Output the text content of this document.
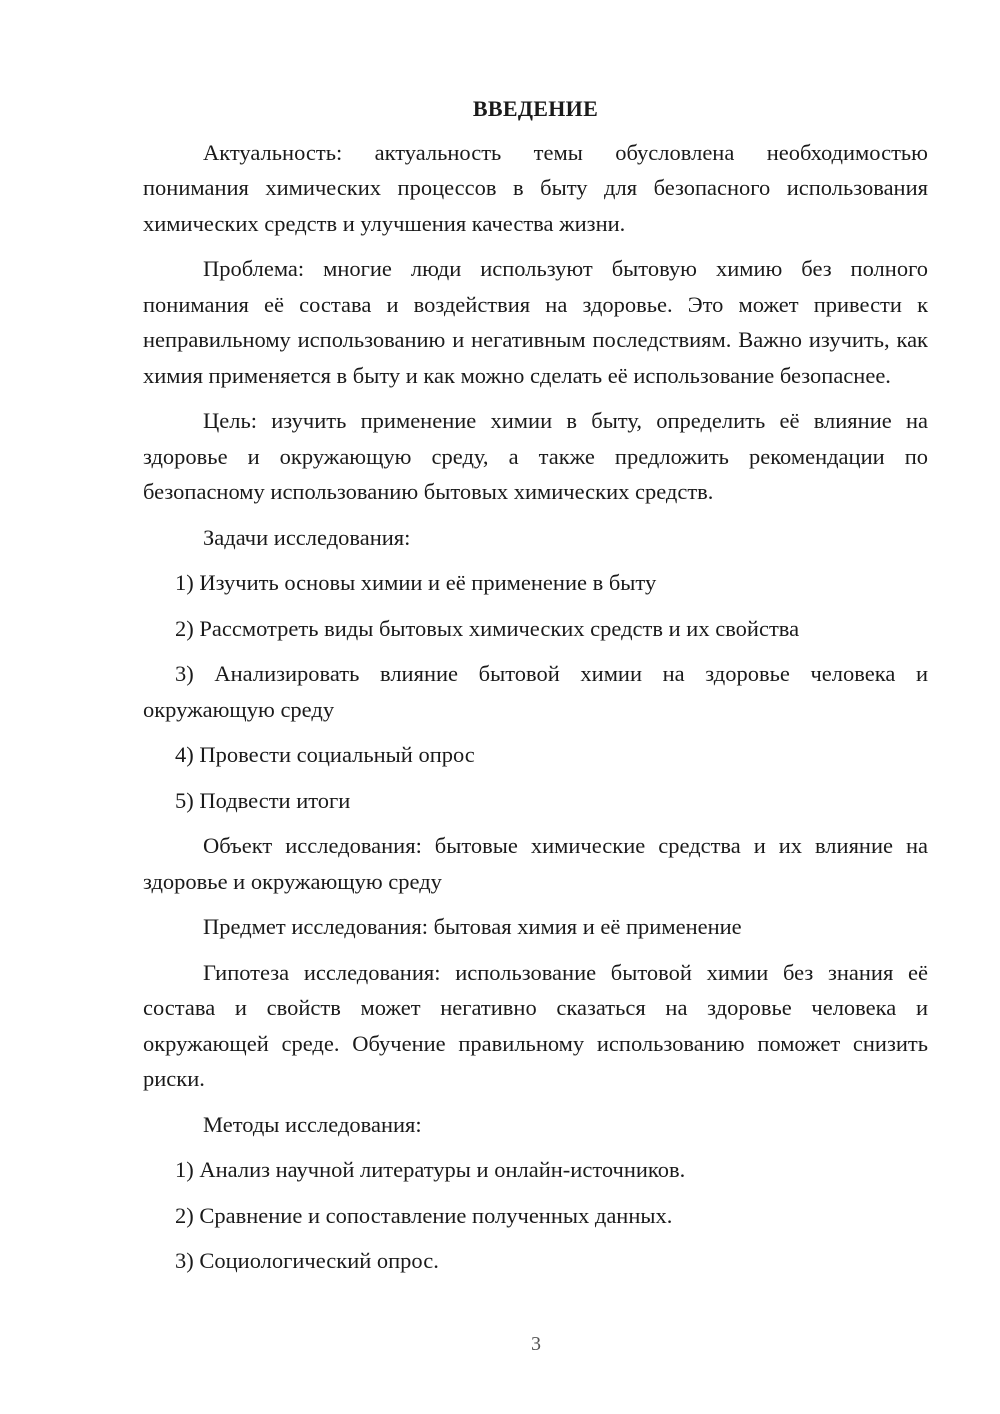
ВВЕДЕНИЕ

Актуальность: актуальность темы обусловлена необходимостью понимания химических процессов в быту для безопасного использования химических средств и улучшения качества жизни.

Проблема: многие люди используют бытовую химию без полного понимания её состава и воздействия на здоровье. Это может привести к неправильному использованию и негативным последствиям. Важно изучить, как химия применяется в быту и как можно сделать её использование безопаснее.

Цель: изучить применение химии в быту, определить её влияние на здоровье и окружающую среду, а также предложить рекомендации по безопасному использованию бытовых химических средств.

Задачи исследования:

1) Изучить основы химии и её применение в быту

2) Рассмотреть виды бытовых химических средств и их свойства

3) Анализировать влияние бытовой химии на здоровье человека и окружающую среду

4) Провести социальный опрос

5) Подвести итоги

Объект исследования: бытовые химические средства и их влияние на здоровье и окружающую среду

Предмет исследования: бытовая химия и её применение

Гипотеза исследования: использование бытовой химии без знания её состава и свойств может негативно сказаться на здоровье человека и окружающей среде. Обучение правильному использованию поможет снизить риски.

Методы исследования:

1) Анализ научной литературы и онлайн-источников.

2) Сравнение и сопоставление полученных данных.

3) Социологический опрос.

3
